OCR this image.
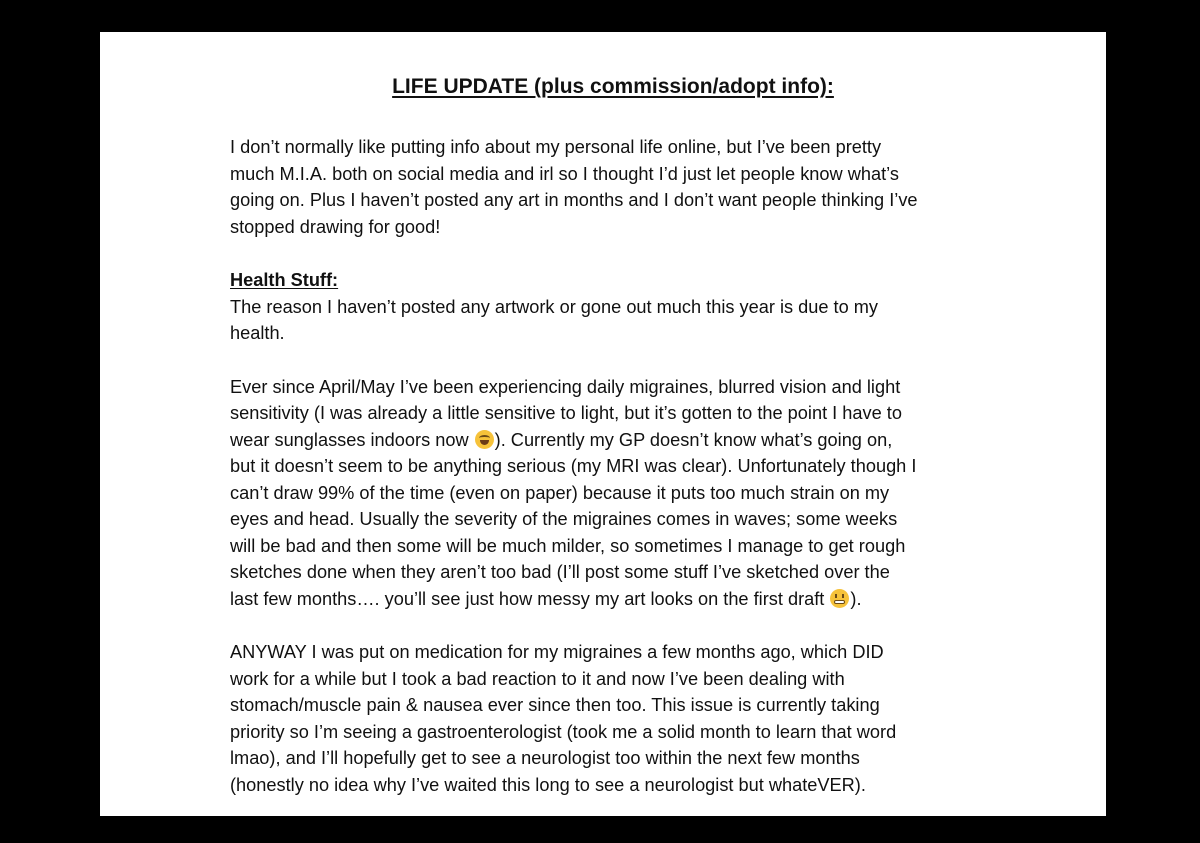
LIFE UPDATE (plus commission/adopt info):
I don’t normally like putting info about my personal life online, but I’ve been pretty
much M.I.A. both on social media and irl so I thought I’d just let people know what’s
going on. Plus I haven’t posted any art in months and I don’t want people thinking I’ve
stopped drawing for good!
Health Stuff:
The reason I haven’t posted any artwork or gone out much this year is due to my
health.
Ever since April/May I’ve been experiencing daily migraines, blurred vision and light
sensitivity (I was already a little sensitive to light, but it’s gotten to the point I have to
wear sunglasses indoors now ). Currently my GP doesn’t know what’s going on,
but it doesn’t seem to be anything serious (my MRI was clear). Unfortunately though I
can’t draw 99% of the time (even on paper) because it puts too much strain on my
eyes and head. Usually the severity of the migraines comes in waves; some weeks
will be bad and then some will be much milder, so sometimes I manage to get rough
sketches done when they aren’t too bad (I’ll post some stuff I’ve sketched over the
last few months…. you’ll see just how messy my art looks on the first draft ).
ANYWAY I was put on medication for my migraines a few months ago, which DID
work for a while but I took a bad reaction to it and now I’ve been dealing with
stomach/muscle pain & nausea ever since then too. This issue is currently taking
priority so I’m seeing a gastroenterologist (took me a solid month to learn that word
lmao), and I’ll hopefully get to see a neurologist too within the next few months
(honestly no idea why I’ve waited this long to see a neurologist but whateVER).
